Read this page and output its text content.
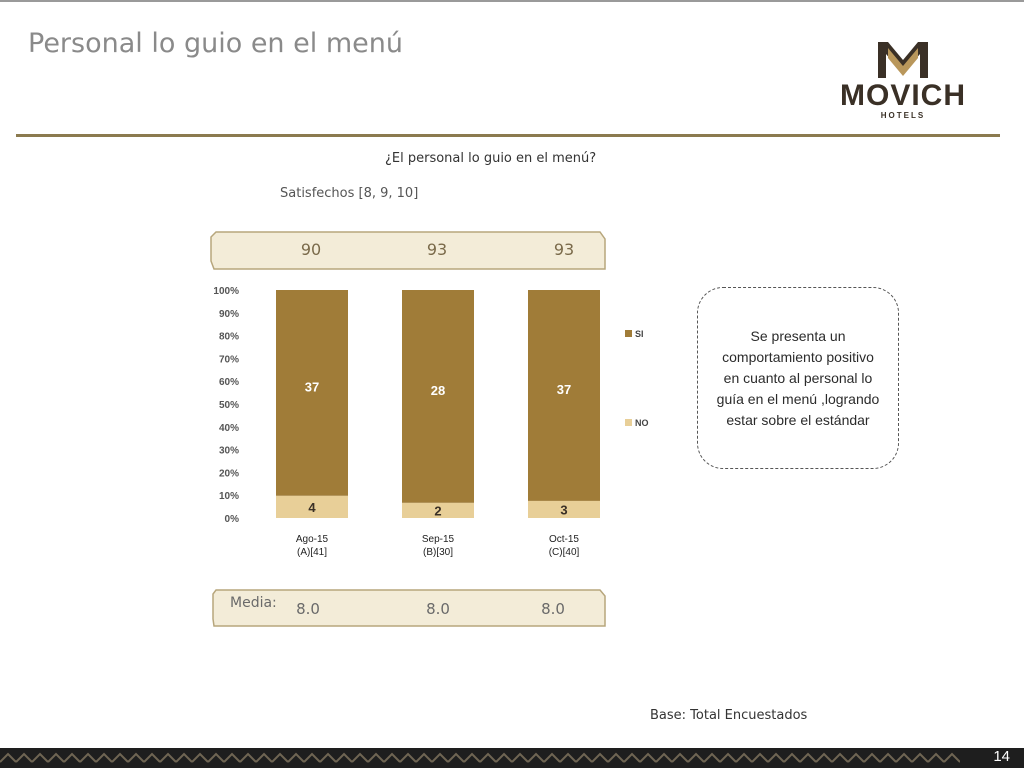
Personal lo guio en el menú
MOVICH
HOTELS
¿El personal lo guio en el menú?
Satisfechos [8, 9, 10]
90	93	93
0%
10%
20%
30%
40%
50%
60%
70%
80%
90%
100%
4
37
Ago-15
(A)[41]
2
28
Sep-15
(B)[30]
3
37
Oct-15
(C)[40]
SI
NO
Media: 8.0	8.0	8.0
Se presenta un comportamiento positivo en cuanto al personal lo guía en el menú ,logrando estar sobre el estándar
Base: Total Encuestados
14
